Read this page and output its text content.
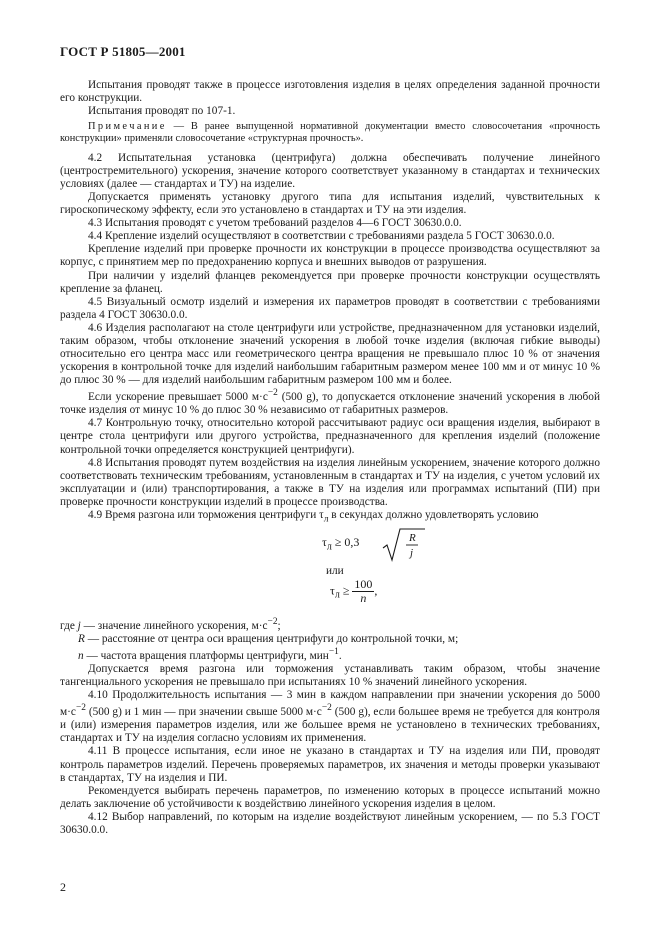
ГОСТ Р 51805—2001

Испытания проводят также в процессе изготовления изделия в целях определения заданной прочности его конструкции.

Испытания проводят по 107-1.

Примечание — В ранее выпущенной нормативной документации вместо словосочетания «прочность конструкции» применяли словосочетание «структурная прочность».

4.2 Испытательная установка (центрифуга) должна обеспечивать получение линейного (центростремительного) ускорения, значение которого соответствует указанному в стандартах и технических условиях (далее — стандартах и ТУ) на изделие.

Допускается применять установку другого типа для испытания изделий, чувствительных к гироскопическому эффекту, если это установлено в стандартах и ТУ на эти изделия.

4.3 Испытания проводят с учетом требований разделов 4—6 ГОСТ 30630.0.0.

4.4 Крепление изделий осуществляют в соответствии с требованиями раздела 5 ГОСТ 30630.0.0.

Крепление изделий при проверке прочности их конструкции в процессе производства осуществляют за корпус, с принятием мер по предохранению корпуса и внешних выводов от разрушения.

При наличии у изделий фланцев рекомендуется при проверке прочности конструкции осуществлять крепление за фланец.

4.5 Визуальный осмотр изделий и измерения их параметров проводят в соответствии с требованиями раздела 4 ГОСТ 30630.0.0.

4.6 Изделия располагают на столе центрифуги или устройстве, предназначенном для установки изделий, таким образом, чтобы отклонение значений ускорения в любой точке изделия (включая гибкие выводы) относительно его центра масс или геометрического центра вращения не превышало плюс 10 % от значения ускорения в контрольной точке для изделий наибольшим габаритным размером менее 100 мм и от минус 10 % до плюс 30 % — для изделий наибольшим габаритным размером 100 мм и более.

Если ускорение превышает 5000 $м\cdot с^{-2}$ (500 g), то допускается отклонение значений ускорения в любой точке изделия от минус 10 % до плюс 30 % независимо от габаритных размеров.

4.7 Контрольную точку, относительно которой рассчитывают радиус оси вращения изделия, выбирают в центре стола центрифуги или другого устройства, предназначенного для крепления изделий (положение контрольной точки определяется конструкцией центрифуги).

4.8 Испытания проводят путем воздействия на изделия линейным ускорением, значение которого должно соответствовать техническим требованиям, установленным в стандартах и ТУ на изделия, с учетом условий их эксплуатации и (или) транспортирования, а также в ТУ на изделия или программах испытаний (ПИ) при проверке прочности конструкции изделий в процессе производства.

4.9 Время разгона или торможения центрифуги $\tau_л$ в секундах должно удовлетворять условию

$\tau_л \ge 0,3$	R
j
или
$\tau_л \ge \frac{100}{n}$ ,

где j — значение линейного ускорения, $м\cdot с^{-2}$;

R — расстояние от центра оси вращения центрифуги до контрольной точки, м;

n — частота вращения платформы центрифуги, мин$^{-1}$.

Допускается время разгона или торможения устанавливать таким образом, чтобы значение тангенциального ускорения не превышало при испытаниях 10 % значений линейного ускорения.

4.10 Продолжительность испытания — 3 мин в каждом направлении при значении ускорения до 5000 $м\cdot с^{-2}$ (500 g) и 1 мин — при значении свыше 5000 $м\cdot с^{-2}$ (500 g), если большее время не требуется для контроля и (или) измерения параметров изделия, или же большее время не установлено в технических требованиях, стандартах и ТУ на изделия согласно условиям их применения.

4.11 В процессе испытания, если иное не указано в стандартах и ТУ на изделия или ПИ, проводят контроль параметров изделий. Перечень проверяемых параметров, их значения и методы проверки указывают в стандартах, ТУ на изделия и ПИ.

Рекомендуется выбирать перечень параметров, по изменению которых в процессе испытаний можно делать заключение об устойчивости к воздействию линейного ускорения изделия в целом.

4.12 Выбор направлений, по которым на изделие воздействуют линейным ускорением, — по 5.3 ГОСТ 30630.0.0.

2
